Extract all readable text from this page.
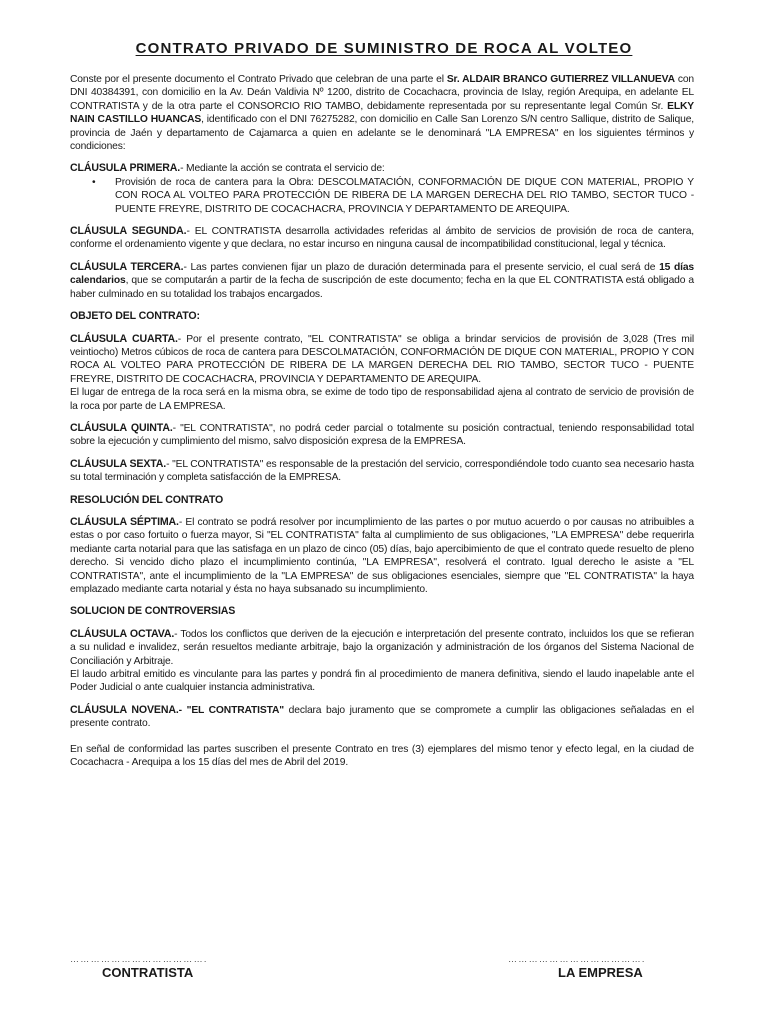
CONTRATO PRIVADO DE SUMINISTRO DE ROCA AL VOLTEO

Conste por el presente documento el Contrato Privado que celebran de una parte el Sr. ALDAIR BRANCO GUTIERREZ VILLANUEVA con DNI 40384391, con domicilio en la Av. Deán Valdivia Nº 1200, distrito de Cocachacra, provincia de Islay, región Arequipa, en adelante EL CONTRATISTA y de la otra parte el CONSORCIO RIO TAMBO, debidamente representada por su representante legal Común Sr. ELKY NAIN CASTILLO HUANCAS, identificado con el DNI 76275282, con domicilio en Calle San Lorenzo S/N centro Sallique, distrito de Salique, provincia de Jaén y departamento de Cajamarca a quien en adelante se le denominará "LA EMPRESA" en los siguientes términos y condiciones:

CLÁUSULA PRIMERA.- Mediante la acción se contrata el servicio de:

• Provisión de roca de cantera para la Obra: DESCOLMATACIÓN, CONFORMACIÓN DE DIQUE CON MATERIAL, PROPIO Y CON ROCA AL VOLTEO PARA PROTECCIÓN DE RIBERA DE LA MARGEN DERECHA DEL RIO TAMBO, SECTOR TUCO - PUENTE FREYRE, DISTRITO DE COCACHACRA, PROVINCIA Y DEPARTAMENTO DE AREQUIPA.

CLÁUSULA SEGUNDA.- EL CONTRATISTA desarrolla actividades referidas al ámbito de servicios de provisión de roca de cantera, conforme el ordenamiento vigente y que declara, no estar incurso en ninguna causal de incompatibilidad constitucional, legal y técnica.

CLÁUSULA TERCERA.- Las partes convienen fijar un plazo de duración determinada para el presente servicio, el cual será de 15 días calendarios, que se computarán a partir de la fecha de suscripción de este documento; fecha en la que EL CONTRATISTA está obligado a haber culminado en su totalidad los trabajos encargados.

OBJETO DEL CONTRATO:

CLÁUSULA CUARTA.- Por el presente contrato, "EL CONTRATISTA" se obliga a brindar servicios de provisión de 3,028 (Tres mil veintiocho) Metros cúbicos de roca de cantera para DESCOLMATACIÓN, CONFORMACIÓN DE DIQUE CON MATERIAL, PROPIO Y CON ROCA AL VOLTEO PARA PROTECCIÓN DE RIBERA DE LA MARGEN DERECHA DEL RIO TAMBO, SECTOR TUCO - PUENTE FREYRE, DISTRITO DE COCACHACRA, PROVINCIA Y DEPARTAMENTO DE AREQUIPA.

El lugar de entrega de la roca será en la misma obra, se exime de todo tipo de responsabilidad ajena al contrato de servicio de provisión de la roca por parte de LA EMPRESA.

CLÁUSULA QUINTA.- "EL CONTRATISTA", no podrá ceder parcial o totalmente su posición contractual, teniendo responsabilidad total sobre la ejecución y cumplimiento del mismo, salvo disposición expresa de la EMPRESA.

CLÁUSULA SEXTA.- "EL CONTRATISTA" es responsable de la prestación del servicio, correspondiéndole todo cuanto sea necesario hasta su total terminación y completa satisfacción de la EMPRESA.

RESOLUCIÓN DEL CONTRATO

CLÁUSULA SÉPTIMA.- El contrato se podrá resolver por incumplimiento de las partes o por mutuo acuerdo o por causas no atribuibles a estas o por caso fortuito o fuerza mayor, Si "EL CONTRATISTA" falta al cumplimiento de sus obligaciones, "LA EMPRESA" debe requerirla mediante carta notarial para que las satisfaga en un plazo de cinco (05) días, bajo apercibimiento de que el contrato quede resuelto de pleno derecho. Si vencido dicho plazo el incumplimiento continúa, "LA EMPRESA", resolverá el contrato. Igual derecho le asiste a "EL CONTRATISTA", ante el incumplimiento de la "LA EMPRESA" de sus obligaciones esenciales, siempre que "EL CONTRATISTA" la haya emplazado mediante carta notarial y ésta no haya subsanado su incumplimiento.

SOLUCION DE CONTROVERSIAS

CLÁUSULA OCTAVA.- Todos los conflictos que deriven de la ejecución e interpretación del presente contrato, incluidos los que se refieran a su nulidad e invalidez, serán resueltos mediante arbitraje, bajo la organización y administración de los órganos del Sistema Nacional de Conciliación y Arbitraje.

El laudo arbitral emitido es vinculante para las partes y pondrá fin al procedimiento de manera definitiva, siendo el laudo inapelable ante el Poder Judicial o ante cualquier instancia administrativa.

CLÁUSULA NOVENA.- "EL CONTRATISTA" declara bajo juramento que se compromete a cumplir las obligaciones señaladas en el presente contrato.

En señal de conformidad las partes suscriben el presente Contrato en tres (3) ejemplares del mismo tenor y efecto legal, en la ciudad de Cocachacra - Arequipa a los 15 días del mes de Abril del 2019.

………………………………….
CONTRATISTA
………………………………….
LA EMPRESA
